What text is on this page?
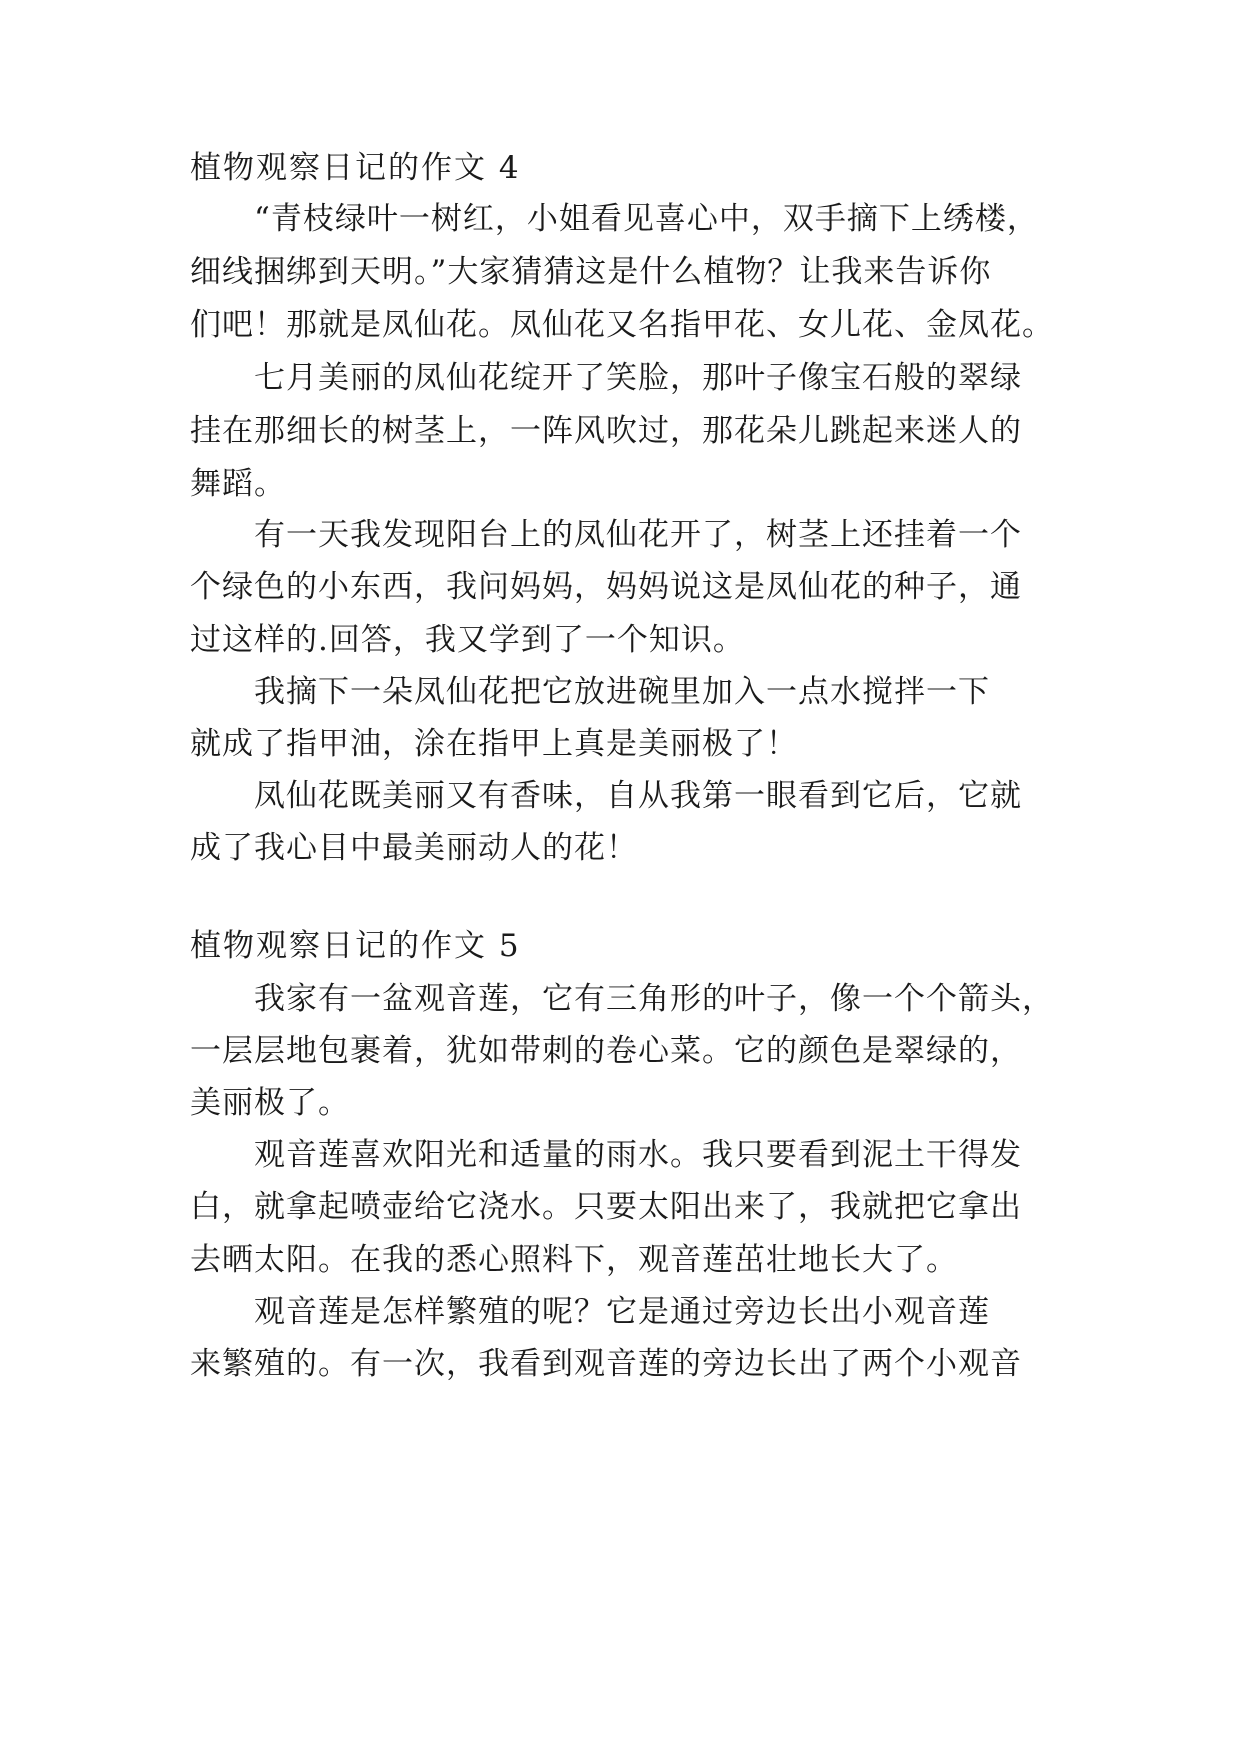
植物观察日记的作文 4
　　“青枝绿叶一树红，小姐看见喜心中，双手摘下上绣楼，
细线捆绑到天明。”大家猜猜这是什么植物？让我来告诉你
们吧！那就是凤仙花。凤仙花又名指甲花、女儿花、金凤花。
　　七月美丽的凤仙花绽开了笑脸，那叶子像宝石般的翠绿
挂在那细长的树茎上，一阵风吹过，那花朵儿跳起来迷人的
舞蹈。
　　有一天我发现阳台上的凤仙花开了，树茎上还挂着一个
个绿色的小东西，我问妈妈，妈妈说这是凤仙花的种子，通
过这样的.回答，我又学到了一个知识。
　　我摘下一朵凤仙花把它放进碗里加入一点水搅拌一下
就成了指甲油，涂在指甲上真是美丽极了！
　　凤仙花既美丽又有香味，自从我第一眼看到它后，它就
成了我心目中最美丽动人的花！
植物观察日记的作文 5
　　我家有一盆观音莲，它有三角形的叶子，像一个个箭头，
一层层地包裹着，犹如带刺的卷心菜。它的颜色是翠绿的，
美丽极了。
　　观音莲喜欢阳光和适量的雨水。我只要看到泥土干得发
白，就拿起喷壶给它浇水。只要太阳出来了，我就把它拿出
去晒太阳。在我的悉心照料下，观音莲茁壮地长大了。
　　观音莲是怎样繁殖的呢？它是通过旁边长出小观音莲
来繁殖的。有一次，我看到观音莲的旁边长出了两个小观音
